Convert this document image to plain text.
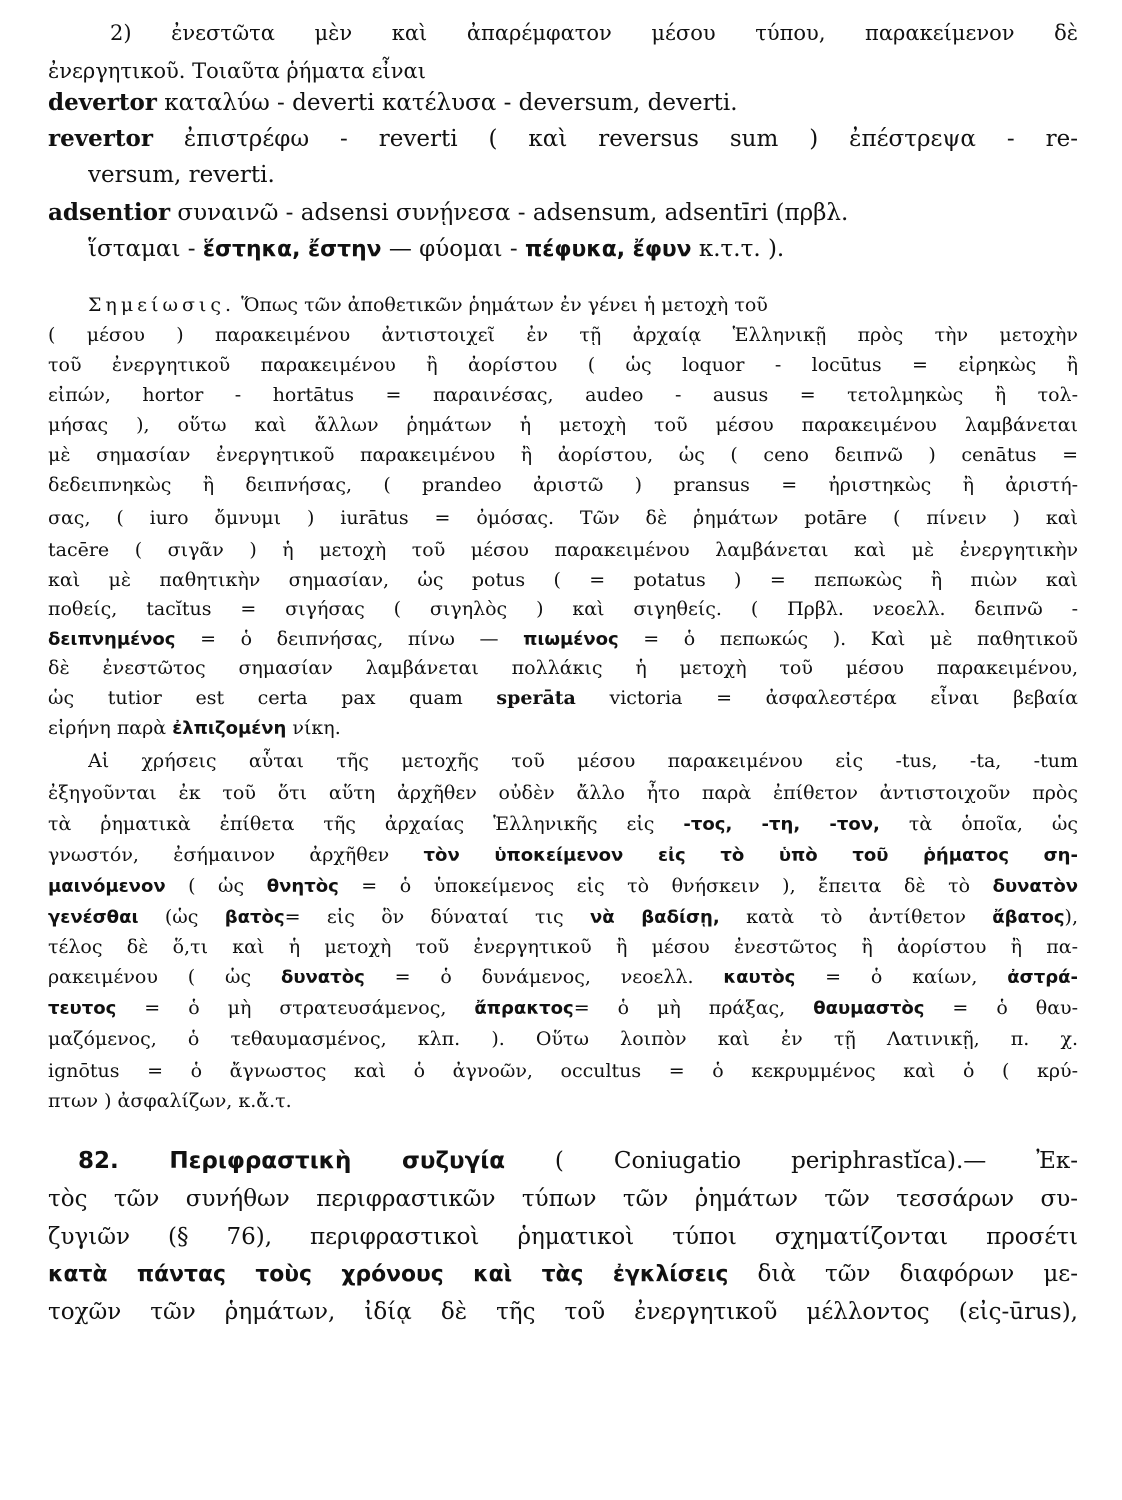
2) ἐνεστῶτα μὲν καὶ ἀπαρέμφατον μέσου τύπου, παρακείμενον δὲ
ἐνεργητικοῦ. Τοιαῦτα ῥήματα εἶναι
devertor καταλύω - deverti κατέλυσα - deversum, deverti.
revertor ἐπιστρέφω - reverti ( καὶ reversus sum ) ἐπέστρεψα - re-
versum, reverti.
adsentior συναινῶ - adsensi συνῄνεσα - adsensum, adsentīri (πρβλ.
ἵσταμαι - ἕστηκα, ἔστην — φύομαι - πέφυκα, ἔφυν κ.τ.τ. ).
Σημείωσις. Ὅπως τῶν ἀποθετικῶν ῥημάτων ἐν γένει ἡ μετοχὴ τοῦ
( μέσου ) παρακειμένου ἀντιστοιχεῖ ἐν τῇ ἀρχαίᾳ Ἑλληνικῇ πρὸς τὴν μετοχὴν
τοῦ ἐνεργητικοῦ παρακειμένου ἢ ἀορίστου ( ὡς loquor - locūtus = εἰρηκὼς ἢ
εἰπών, hortor - hortātus = παραινέσας, audeo - ausus = τετολμηκὼς ἢ τολ-
μήσας ), οὕτω καὶ ἄλλων ῥημάτων ἡ μετοχὴ τοῦ μέσου παρακειμένου λαμβάνεται
μὲ σημασίαν ἐνεργητικοῦ παρακειμένου ἢ ἀορίστου, ὡς ( ceno δειπνῶ ) cenātus =
δεδειπνηκὼς ἢ δειπνήσας, ( prandeo ἀριστῶ ) pransus = ἠριστηκὼς ἢ ἀριστή-
σας, ( iuro ὄμνυμι ) iurātus = ὀμόσας. Τῶν δὲ ῥημάτων potāre ( πίνειν ) καὶ
tacēre ( σιγᾶν ) ἡ μετοχὴ τοῦ μέσου παρακειμένου λαμβάνεται καὶ μὲ ἐνεργητικὴν
καὶ μὲ παθητικὴν σημασίαν, ὡς potus ( = potatus ) = πεπωκὼς ἢ πιὼν καὶ
ποθείς, tacĭtus = σιγήσας ( σιγηλὸς ) καὶ σιγηθείς. ( Πρβλ. νεοελλ. δειπνῶ -
δειπνημένος = ὁ δειπνήσας, πίνω — πιωμένος = ὁ πεπωκώς ). Καὶ μὲ παθητικοῦ
δὲ ἐνεστῶτος σημασίαν λαμβάνεται πολλάκις ἡ μετοχὴ τοῦ μέσου παρακειμένου,
ὡς tutior est certa pax quam sperāta victoria = ἀσφαλεστέρα εἶναι βεβαία
εἰρήνη παρὰ ἐλπιζομένη νίκη.
Αἱ χρήσεις αὗται τῆς μετοχῆς τοῦ μέσου παρακειμένου εἰς -tus, -ta, -tum
ἐξηγοῦνται ἐκ τοῦ ὅτι αὕτη ἀρχῆθεν οὐδὲν ἄλλο ἦτο παρὰ ἐπίθετον ἀντιστοιχοῦν πρὸς
τὰ ῥηματικὰ ἐπίθετα τῆς ἀρχαίας Ἑλληνικῆς εἰς -τος, -τη, -τον, τὰ ὁποῖα, ὡς
γνωστόν, ἐσήμαινον ἀρχῆθεν τὸν ὑποκείμενον εἰς τὸ ὑπὸ τοῦ ῥήματος ση-
μαινόμενον ( ὡς θνητὸς = ὁ ὑποκείμενος εἰς τὸ θνήσκειν ), ἔπειτα δὲ τὸ δυνατὸν
γενέσθαι (ὡς βατὸς= εἰς ὃν δύναταί τις νὰ βαδίσῃ, κατὰ τὸ ἀντίθετον ἄβατος),
τέλος δὲ ὅ,τι καὶ ἡ μετοχὴ τοῦ ἐνεργητικοῦ ἢ μέσου ἐνεστῶτος ἢ ἀορίστου ἢ πα-
ρακειμένου ( ὡς δυνατὸς = ὁ δυνάμενος, νεοελλ. καυτὸς = ὁ καίων, ἀστρά-
τευτος = ὁ μὴ στρατευσάμενος, ἄπρακτος= ὁ μὴ πράξας, θαυμαστὸς = ὁ θαυ-
μαζόμενος, ὁ τεθαυμασμένος, κλπ. ). Οὕτω λοιπὸν καὶ ἐν τῇ Λατινικῇ, π. χ.
ignōtus = ὁ ἄγνωστος καὶ ὁ ἀγνοῶν, occultus = ὁ κεκρυμμένος καὶ ὁ ( κρύ-
πτων ) ἀσφαλίζων, κ.ἄ.τ.
82. Περιφραστικὴ συζυγία ( Coniugatio periphrastĭca).— Ἐκ-
τὸς τῶν συνήθων περιφραστικῶν τύπων τῶν ῥημάτων τῶν τεσσάρων συ-
ζυγιῶν (§ 76), περιφραστικοὶ ῥηματικοὶ τύποι σχηματίζονται προσέτι
κατὰ πάντας τοὺς χρόνους καὶ τὰς ἐγκλίσεις διὰ τῶν διαφόρων με-
τοχῶν τῶν ῥημάτων, ἰδίᾳ δὲ τῆς τοῦ ἐνεργητικοῦ μέλλοντος (εἰς-ūrus),
